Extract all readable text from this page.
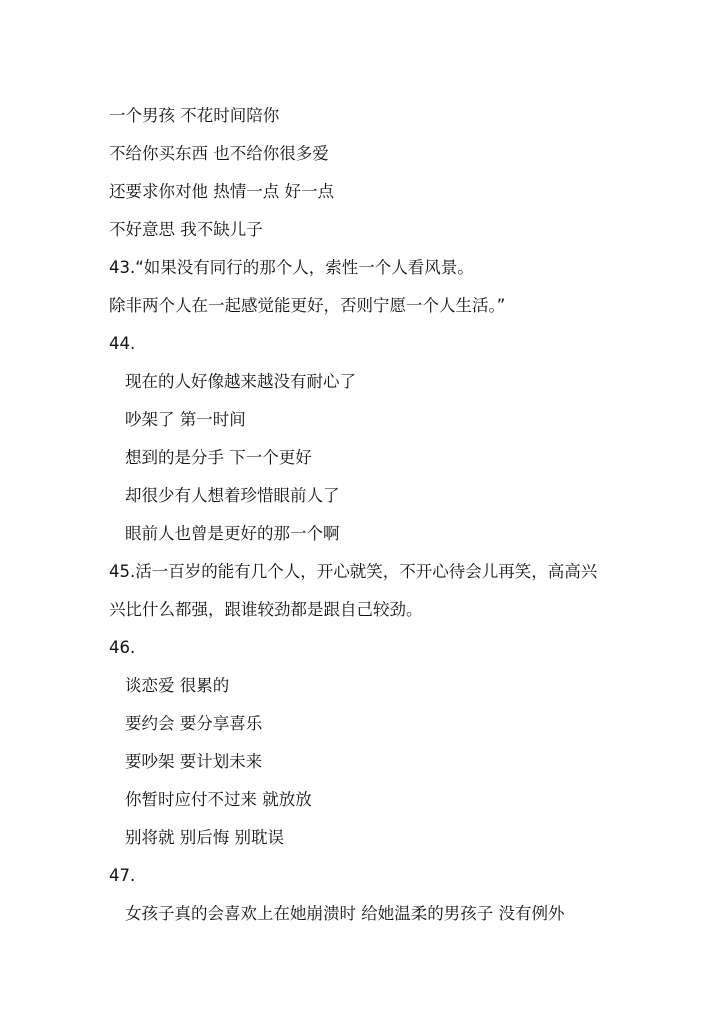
一个男孩 不花时间陪你
不给你买东西 也不给你很多爱
还要求你对他 热情一点 好一点
不好意思 我不缺儿子
43.“如果没有同行的那个人，索性一个人看风景。
除非两个人在一起感觉能更好，否则宁愿一个人生活。”
44.
现在的人好像越来越没有耐心了
吵架了 第一时间
想到的是分手 下一个更好
却很少有人想着珍惜眼前人了
眼前人也曾是更好的那一个啊
45.活一百岁的能有几个人，开心就笑，不开心待会儿再笑，高高兴
兴比什么都强，跟谁较劲都是跟自己较劲。
46.
谈恋爱 很累的
要约会 要分享喜乐
要吵架 要计划未来
你暂时应付不过来 就放放
别将就 别后悔 别耽误
47.
女孩子真的会喜欢上在她崩溃时 给她温柔的男孩子 没有例外
